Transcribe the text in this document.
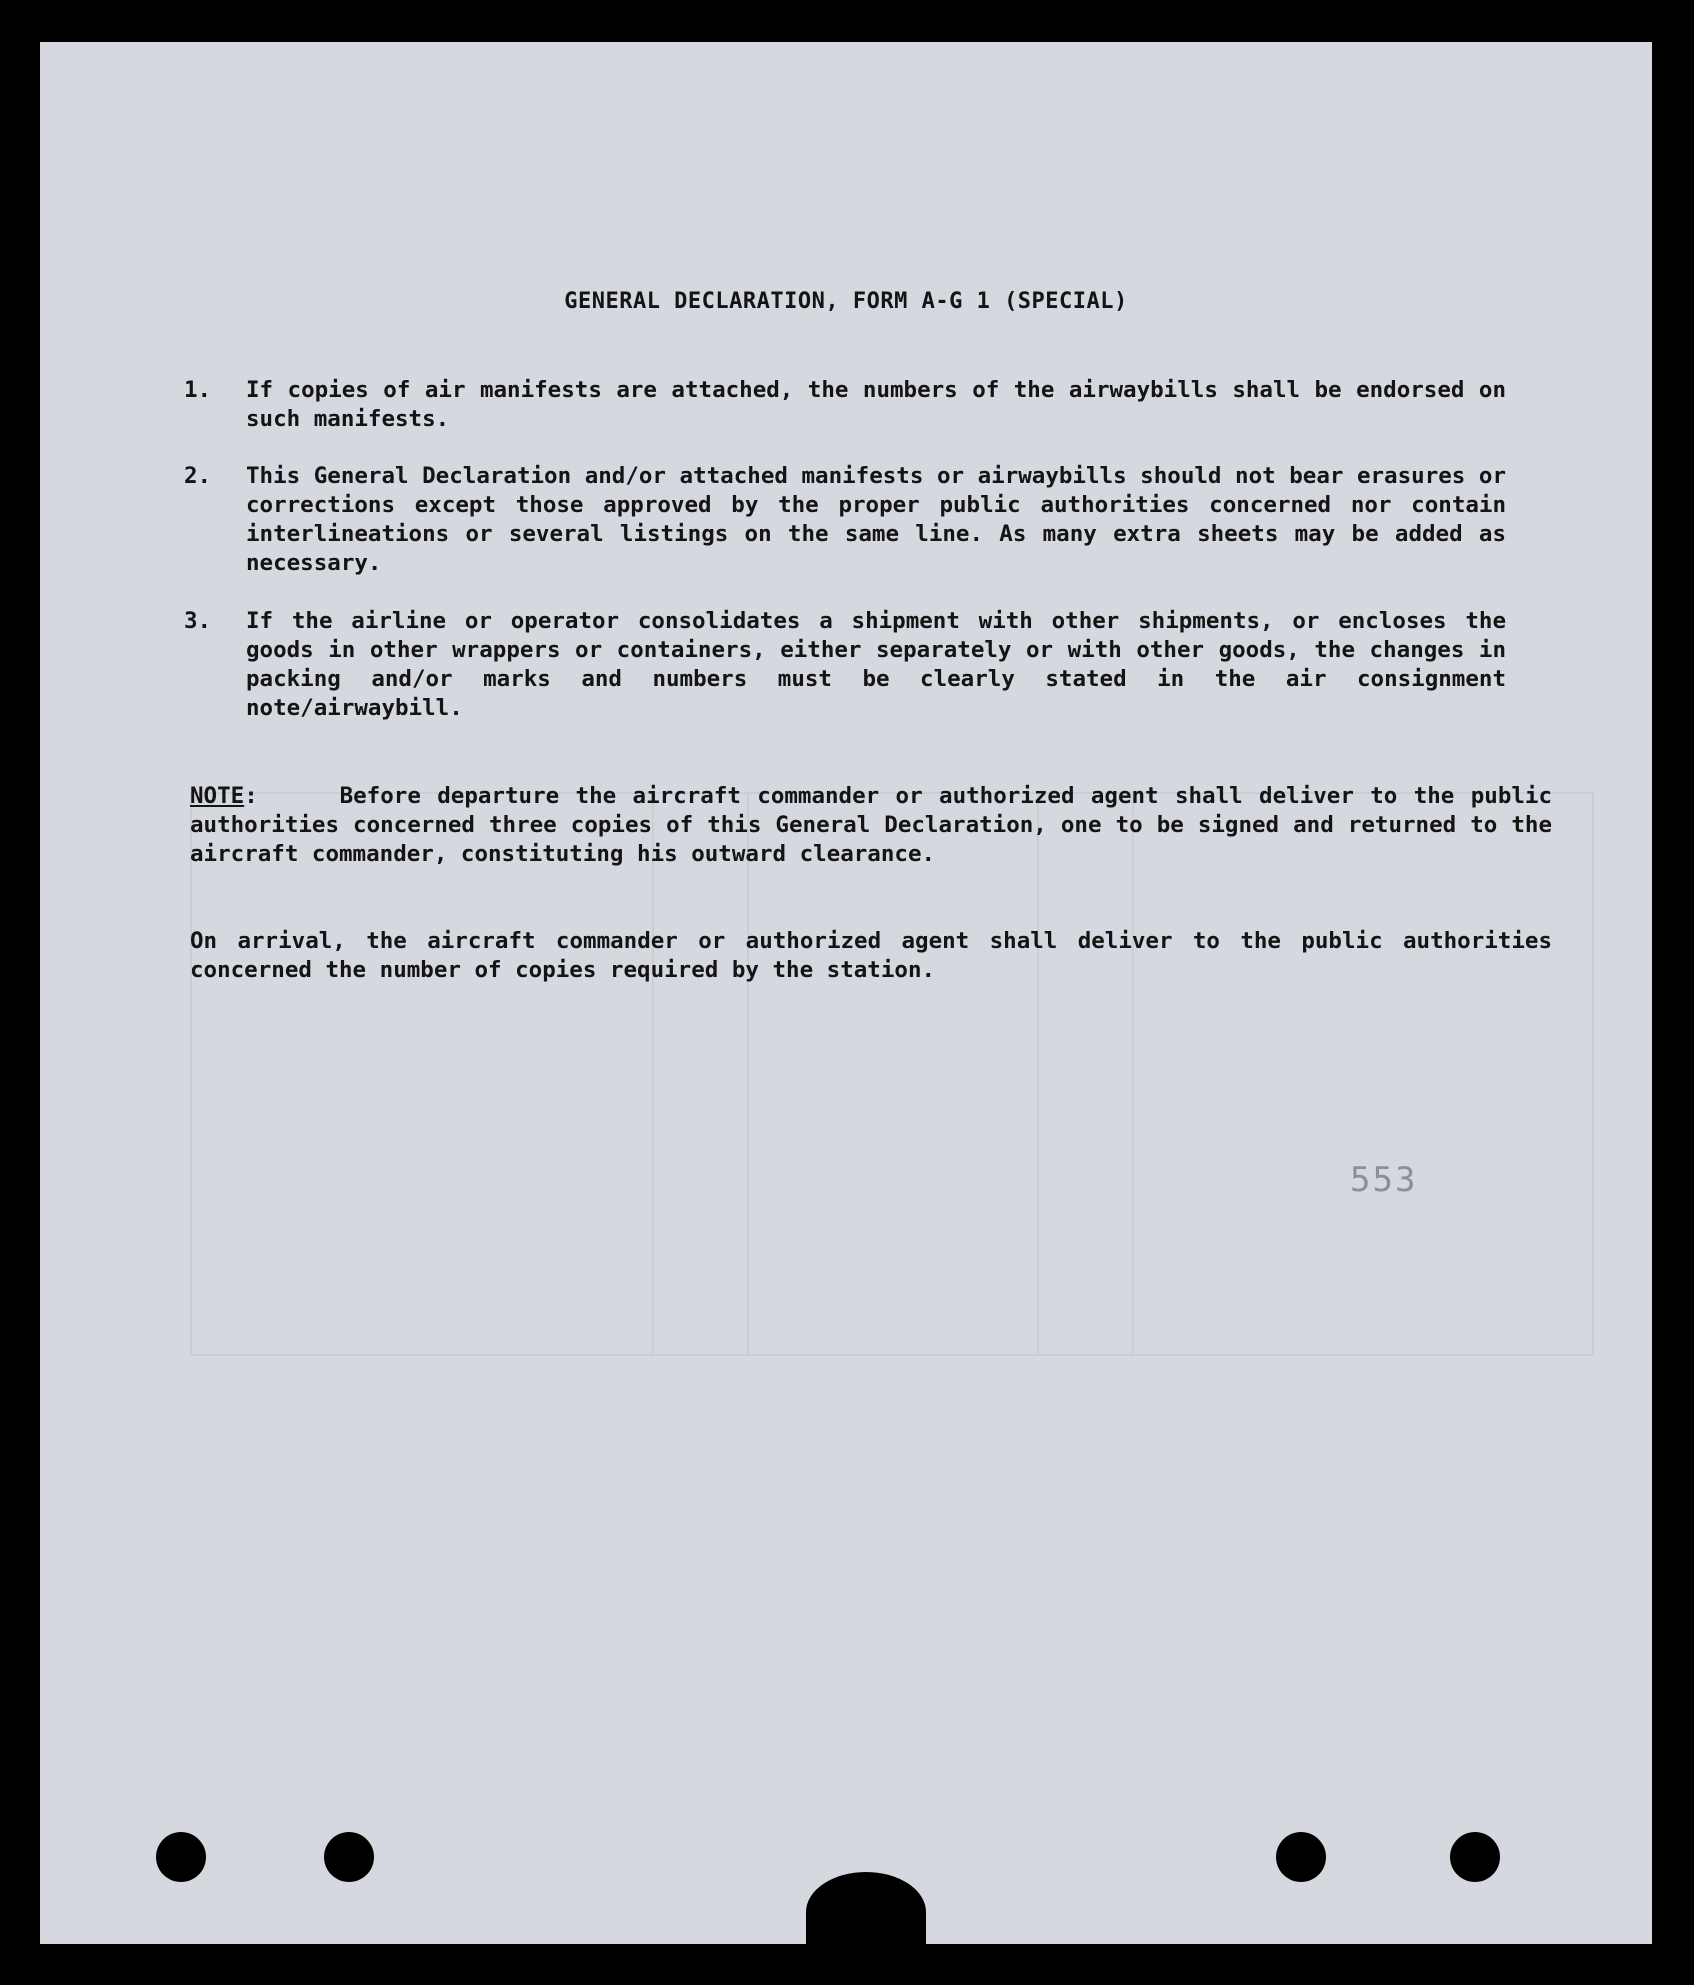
GENERAL DECLARATION, FORM A-G 1 (SPECIAL)
1.	If copies of air manifests are attached, the numbers of the airwaybills shall be endorsed on such manifests.
2.	This General Declaration and/or attached manifests or airwaybills should not bear erasures or corrections except those approved by the proper public authorities concerned nor contain interlineations or several listings on the same line. As many extra sheets may be added as necessary.
3.	If the airline or operator consolidates a shipment with other shipments, or encloses the goods in other wrappers or containers, either separately or with other goods, the changes in packing and/or marks and numbers must be clearly stated in the air consignment note/airwaybill.
NOTE:	Before departure the aircraft commander or authorized agent shall deliver to the public authorities concerned three copies of this General Declaration, one to be signed and returned to the aircraft commander, constituting his outward clearance.
On arrival, the aircraft commander or authorized agent shall deliver to the public authorities concerned the number of copies required by the station.
553
